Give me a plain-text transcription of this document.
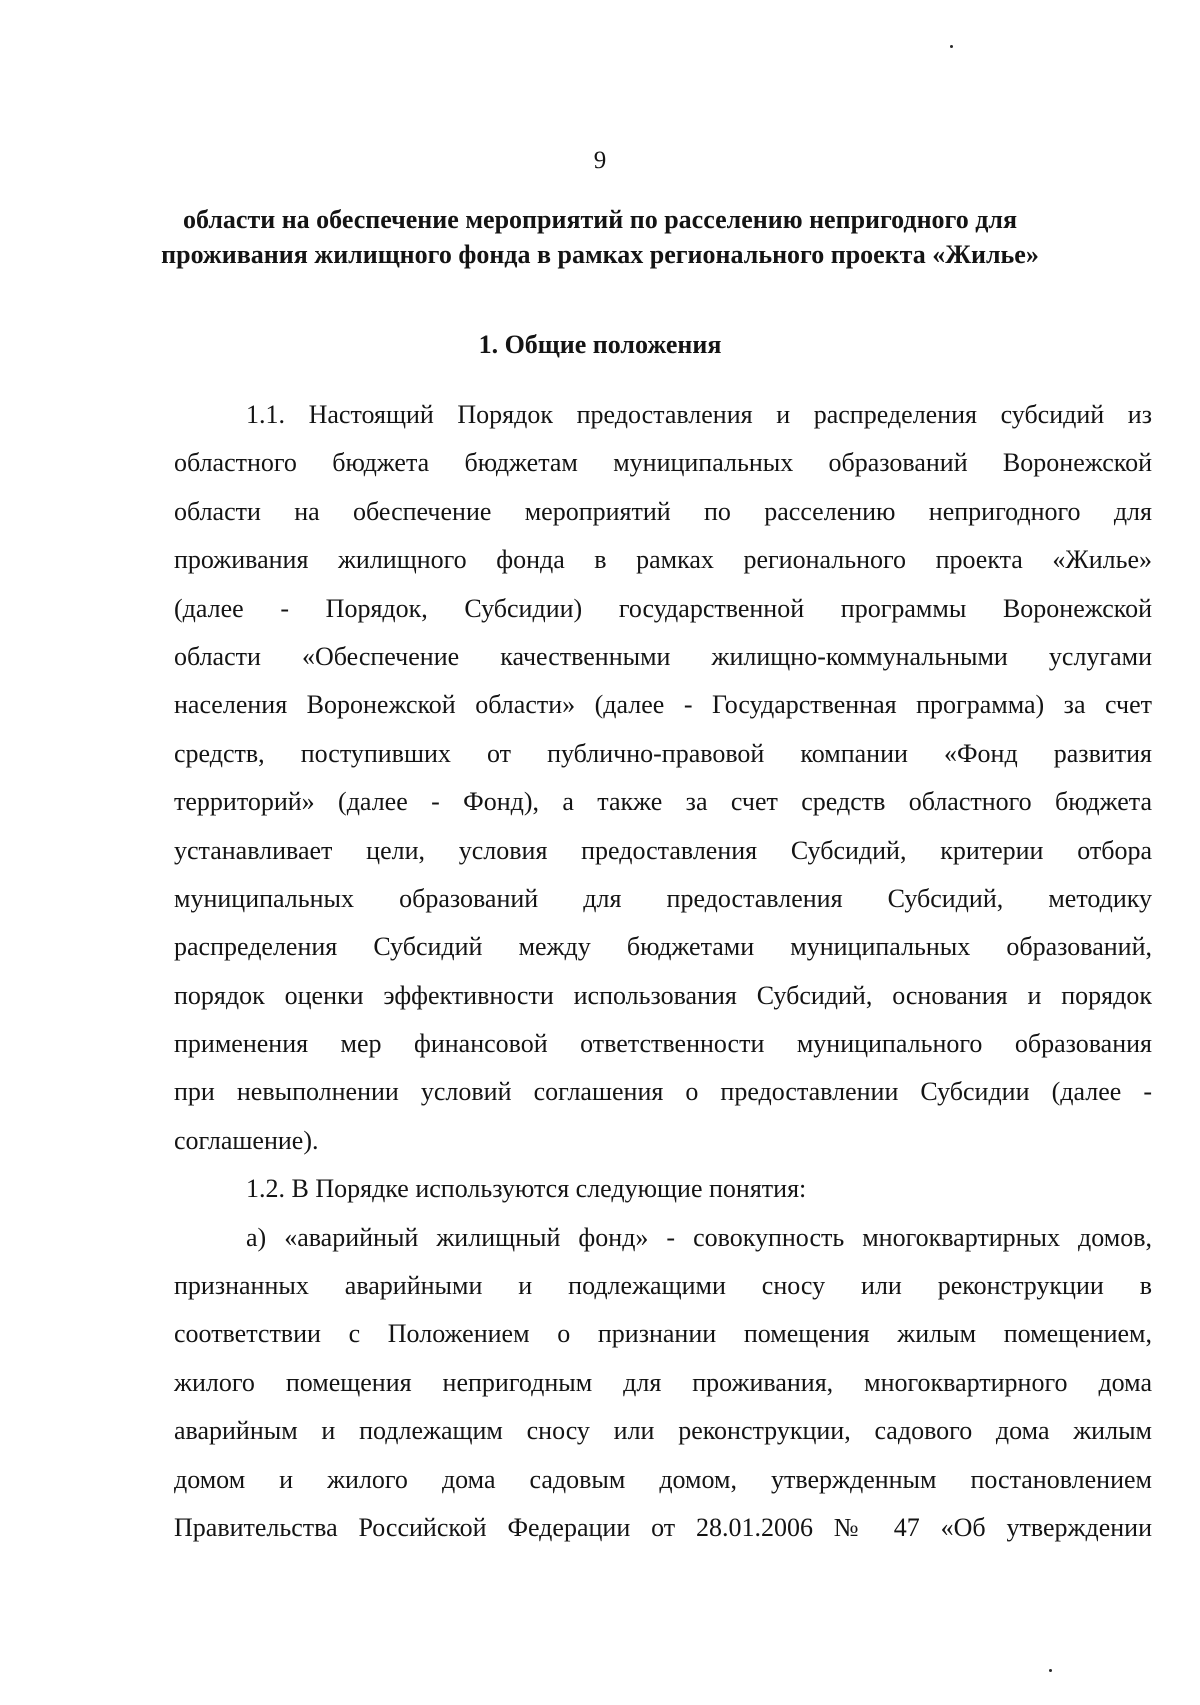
9
области на обеспечение мероприятий по расселению непригодного для
проживания жилищного фонда в рамках регионального проекта «Жилье»
1. Общие положения
1.1. Настоящий Порядок предоставления и распределения субсидий из
областного бюджета бюджетам муниципальных образований Воронежской
области на обеспечение мероприятий по расселению непригодного для
проживания жилищного фонда в рамках регионального проекта «Жилье»
(далее - Порядок, Субсидии) государственной программы Воронежской
области «Обеспечение качественными жилищно-коммунальными услугами
населения Воронежской области» (далее - Государственная программа) за счет
средств, поступивших от публично-правовой компании «Фонд развития
территорий» (далее - Фонд), а также за счет средств областного бюджета
устанавливает цели, условия предоставления Субсидий, критерии отбора
муниципальных образований для предоставления Субсидий, методику
распределения Субсидий между бюджетами муниципальных образований,
порядок оценки эффективности использования Субсидий, основания и порядок
применения мер финансовой ответственности муниципального образования
при невыполнении условий соглашения о предоставлении Субсидии (далее -
соглашение).
1.2. В Порядке используются следующие понятия:
а) «аварийный жилищный фонд» - совокупность многоквартирных домов,
признанных аварийными и подлежащими сносу или реконструкции в
соответствии с Положением о признании помещения жилым помещением,
жилого помещения непригодным для проживания, многоквартирного дома
аварийным и подлежащим сносу или реконструкции, садового дома жилым
домом и жилого дома садовым домом, утвержденным постановлением
Правительства Российской Федерации от 28.01.2006 № 47 «Об утверждении
